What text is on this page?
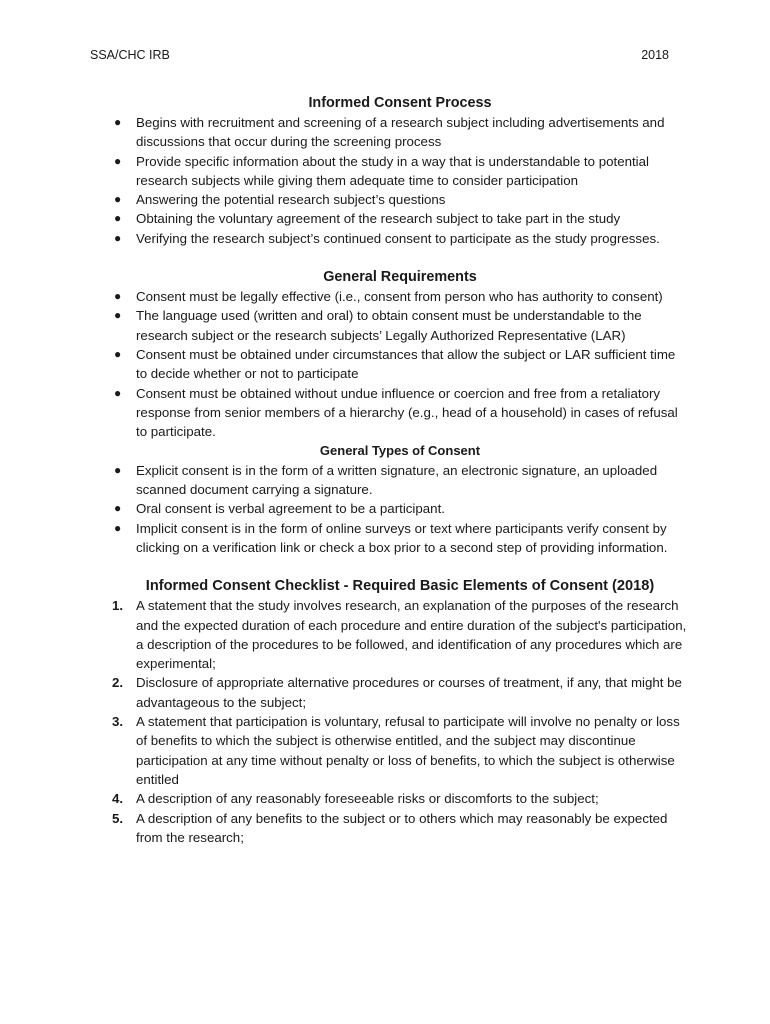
SSA/CHC IRB	2018
Informed Consent Process
● Begins with recruitment and screening of a research subject including advertisements and discussions that occur during the screening process
● Provide specific information about the study in a way that is understandable to potential research subjects while giving them adequate time to consider participation
● Answering the potential research subject’s questions
● Obtaining the voluntary agreement of the research subject to take part in the study
● Verifying the research subject’s continued consent to participate as the study progresses.
General Requirements
● Consent must be legally effective (i.e., consent from person who has authority to consent)
● The language used (written and oral) to obtain consent must be understandable to the research subject or the research subjects’ Legally Authorized Representative (LAR)
● Consent must be obtained under circumstances that allow the subject or LAR sufficient time to decide whether or not to participate
● Consent must be obtained without undue influence or coercion and free from a retaliatory response from senior members of a hierarchy (e.g., head of a household) in cases of refusal to participate.
General Types of Consent
● Explicit consent is in the form of a written signature, an electronic signature, an uploaded scanned document carrying a signature.
● Oral consent is verbal agreement to be a participant.
● Implicit consent is in the form of online surveys or text where participants verify consent by clicking on a verification link or check a box prior to a second step of providing information.
Informed Consent Checklist - Required Basic Elements of Consent (2018)
1. A statement that the study involves research, an explanation of the purposes of the research and the expected duration of each procedure and entire duration of the subject's participation, a description of the procedures to be followed, and identification of any procedures which are experimental;
2. Disclosure of appropriate alternative procedures or courses of treatment, if any, that might be advantageous to the subject;
3. A statement that participation is voluntary, refusal to participate will involve no penalty or loss of benefits to which the subject is otherwise entitled, and the subject may discontinue participation at any time without penalty or loss of benefits, to which the subject is otherwise entitled
4. A description of any reasonably foreseeable risks or discomforts to the subject;
5. A description of any benefits to the subject or to others which may reasonably be expected from the research;
